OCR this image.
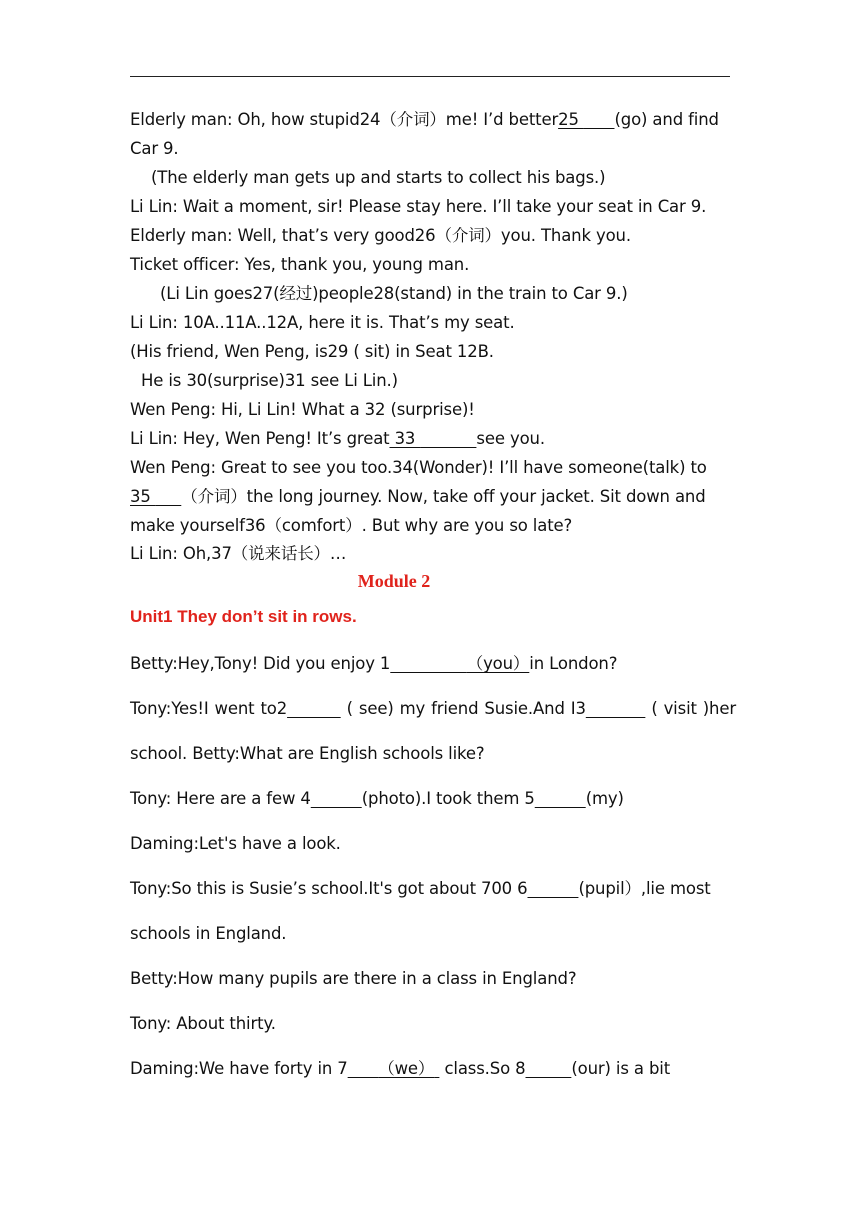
Elderly man: Oh, how stupid24（介词）me! I’d better25       (go) and find
Car 9.
(The elderly man gets up and starts to collect his bags.)
Li Lin: Wait a moment, sir! Please stay here. I’ll take your seat in Car 9.
Elderly man: Well, that’s very good26（介词）you. Thank you.
Ticket officer: Yes, thank you, young man.
(Li Lin goes27(经过)people28(stand) in the train to Car 9.)
Li Lin: 10A..11A..12A, here it is. That’s my seat.
(His friend, Wen Peng, is29 ( sit) in Seat 12B.
He is 30(surprise)31 see Li Lin.)
Wen Peng: Hi, Li Lin! What a 32 (surprise)!
Li Lin: Hey, Wen Peng! It’s great 33	see you.
Wen Peng: Great to see you too.34(Wonder)! I’ll have someone(talk) to
35      （介词）the long journey. Now, take off your jacket. Sit down and
make yourself36（comfort）. But why are you so late?
Li Lin: Oh,37（说来话长）…
Module 2
Unit1 They don’t sit in rows.
Betty:Hey,Tony! Did you enjoy 1	（you）in London?
Tony:Yes!I went to2	( see) my friend Susie.And I3	( visit )her
school. Betty:What are English schools like?
Tony: Here are a few 4	(photo).I took them 5	(my)
Daming:Let's have a look.
Tony:So this is Susie’s school.It's got about 700 6	(pupil）,lie most
schools in England.
Betty:How many pupils are there in a class in England?
Tony: About thirty.
Daming:We have forty in 7 （we）  class.So 8	(our) is a bit
